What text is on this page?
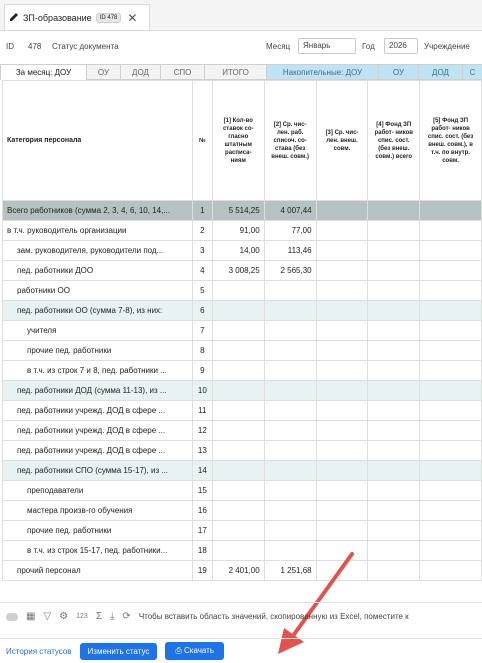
ЗП-образование	ID 478 ✕
ID 478 Статус документа	Месяц	Январь	Год	2026	Учреждение
За месяц: ДОУ	ОУ	ДОД	СПО	ИТОГО	Накопительные: ДОУ	ОУ	ДОД	С
Категория персонала	№	[1] Кол-во ставок со- гласно штатным расписа- ниям	[2] Ср. чис- лен. раб. списоч. со- става (без внеш. совм.)	[3] Ср. чис- лен. внеш. совм.	[4] Фонд ЗП работ- ников спис. сост. (без внеш. совм.) всего	[5] Фонд ЗП работ- ников спис. сост. (без внеш. совм.), в т.ч. по внутр. совм.
Всего работников (сумма 2, 3, 4, 6, 10, 14,...	1	5 514,25	4 007,44			
в т.ч. руководитель организации	2	91,00	77,00			
зам. руководителя, руководители под...	3	14,00	113,46			
пед. работники ДОО	4	3 008,25	2 565,30			
работники ОО	5					
пед. работники ОО (сумма 7-8), из них:	6					
учителя	7					
прочие пед. работники	8					
в т.ч. из строк 7 и 8, пед. работники ...	9					
пед. работники ДОД (сумма 11-13), из ...	10					
пед. работники учрежд. ДОД в сфере ...	11					
пед. работники учрежд. ДОД в сфере ...	12					
пед. работники учрежд. ДОД в сфере ...	13					
пед. работники СПО (сумма 15-17), из ...	14					
преподаватели	15					
мастера произв-го обучения	16					
прочие пед. работники	17					
в т.ч. из строк 15-17, пед. работники...	18					
прочий персонал	19	2 401,00	1 251,68			
▦ ▽ ⚙ 123 Σ ⤓ ⟳ Чтобы вставить область значений, скопированную из Excel, поместите к
История статусов	Изменить статус	⎙ Скачать
